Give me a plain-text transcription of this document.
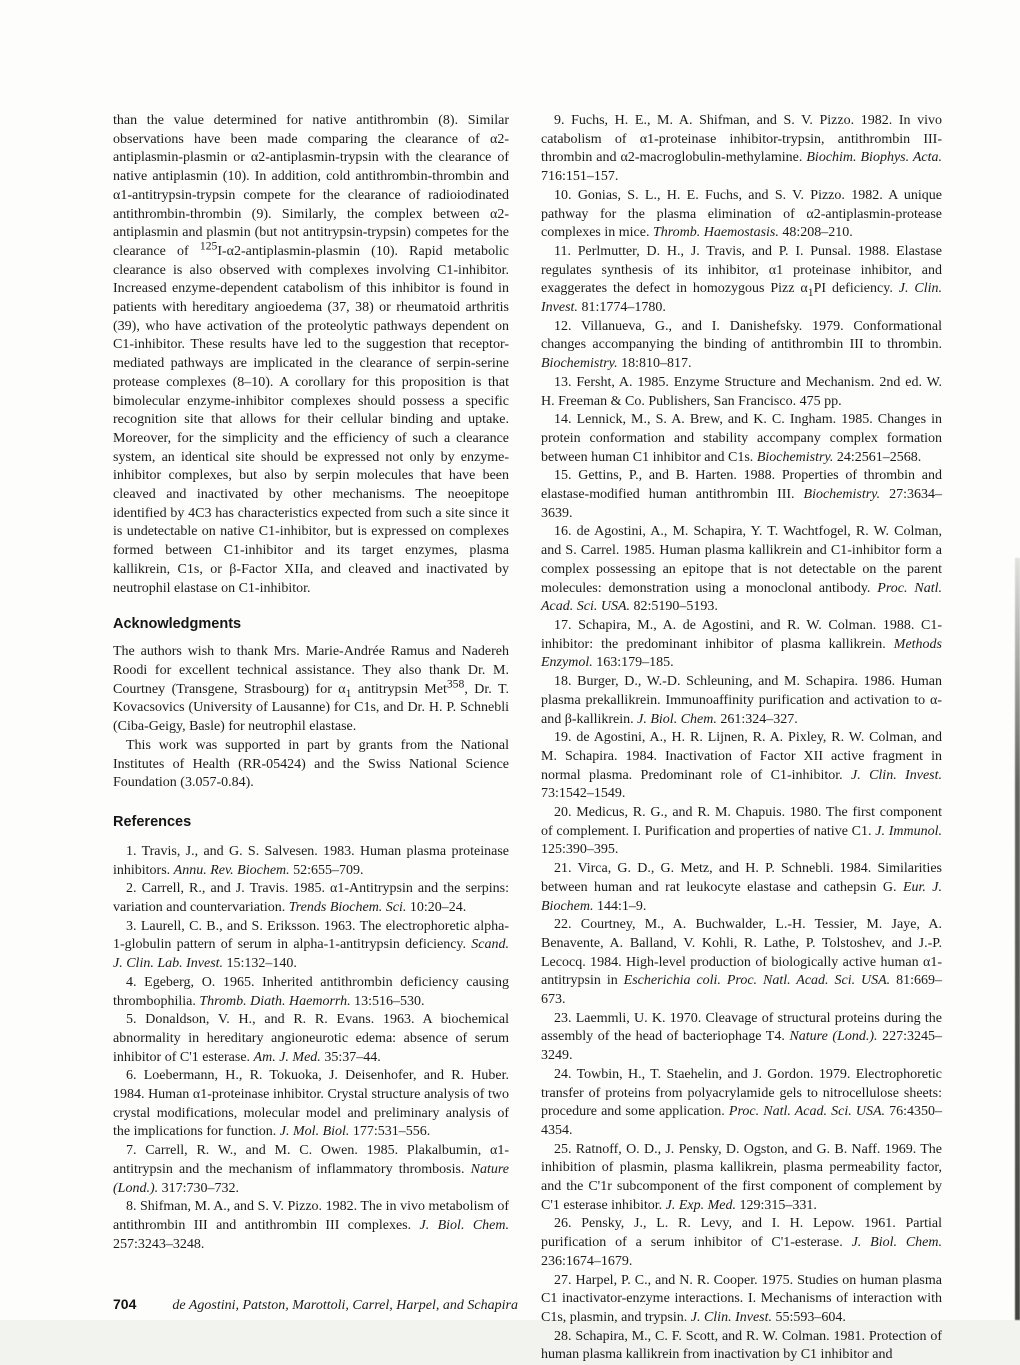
than the value determined for native antithrombin (8). Similar observations have been made comparing the clearance of α2-antiplasmin-plasmin or α2-antiplasmin-trypsin with the clearance of native antiplasmin (10). In addition, cold antithrombin-thrombin and α1-antitrypsin-trypsin compete for the clearance of radioiodinated antithrombin-thrombin (9). Similarly, the complex between α2-antiplasmin and plasmin (but not antitrypsin-trypsin) competes for the clearance of $^{125}$I-α2-antiplasmin-plasmin (10). Rapid metabolic clearance is also observed with complexes involving C1-inhibitor. Increased enzyme-dependent catabolism of this inhibitor is found in patients with hereditary angioedema (37, 38) or rheumatoid arthritis (39), who have activation of the proteolytic pathways dependent on C1-inhibitor. These results have led to the suggestion that receptor-mediated pathways are implicated in the clearance of serpin-serine protease complexes (8–10). A corollary for this proposition is that bimolecular enzyme-inhibitor complexes should possess a specific recognition site that allows for their cellular binding and uptake. Moreover, for the simplicity and the efficiency of such a clearance system, an identical site should be expressed not only by enzyme-inhibitor complexes, but also by serpin molecules that have been cleaved and inactivated by other mechanisms. The neoepitope identified by 4C3 has characteristics expected from such a site since it is undetectable on native C1-inhibitor, but is expressed on complexes formed between C1-inhibitor and its target enzymes, plasma kallikrein, C1s, or β-Factor XIIa, and cleaved and inactivated by neutrophil elastase on C1-inhibitor.

Acknowledgments

The authors wish to thank Mrs. Marie-Andrée Ramus and Nadereh Roodi for excellent technical assistance. They also thank Dr. M. Courtney (Transgene, Strasbourg) for $\alpha_1$ antitrypsin Met$^{358}$, Dr. T. Kovacsovics (University of Lausanne) for C1s, and Dr. H. P. Schnebli (Ciba-Geigy, Basle) for neutrophil elastase.

This work was supported in part by grants from the National Institutes of Health (RR-05424) and the Swiss National Science Foundation (3.057-0.84).

References

1. Travis, J., and G. S. Salvesen. 1983. Human plasma proteinase inhibitors. Annu. Rev. Biochem. 52:655–709.

2. Carrell, R., and J. Travis. 1985. α1-Antitrypsin and the serpins: variation and countervariation. Trends Biochem. Sci. 10:20–24.

3. Laurell, C. B., and S. Eriksson. 1963. The electrophoretic alpha-1-globulin pattern of serum in alpha-1-antitrypsin deficiency. Scand. J. Clin. Lab. Invest. 15:132–140.

4. Egeberg, O. 1965. Inherited antithrombin deficiency causing thrombophilia. Thromb. Diath. Haemorrh. 13:516–530.

5. Donaldson, V. H., and R. R. Evans. 1963. A biochemical abnormality in hereditary angioneurotic edema: absence of serum inhibitor of C'1 esterase. Am. J. Med. 35:37–44.

6. Loebermann, H., R. Tokuoka, J. Deisenhofer, and R. Huber. 1984. Human α1-proteinase inhibitor. Crystal structure analysis of two crystal modifications, molecular model and preliminary analysis of the implications for function. J. Mol. Biol. 177:531–556.

7. Carrell, R. W., and M. C. Owen. 1985. Plakalbumin, α1-antitrypsin and the mechanism of inflammatory thrombosis. Nature (Lond.). 317:730–732.

8. Shifman, M. A., and S. V. Pizzo. 1982. The in vivo metabolism of antithrombin III and antithrombin III complexes. J. Biol. Chem. 257:3243–3248.

9. Fuchs, H. E., M. A. Shifman, and S. V. Pizzo. 1982. In vivo catabolism of α1-proteinase inhibitor-trypsin, antithrombin III-thrombin and α2-macroglobulin-methylamine. Biochim. Biophys. Acta. 716:151–157.

10. Gonias, S. L., H. E. Fuchs, and S. V. Pizzo. 1982. A unique pathway for the plasma elimination of α2-antiplasmin-protease complexes in mice. Thromb. Haemostasis. 48:208–210.

11. Perlmutter, D. H., J. Travis, and P. I. Punsal. 1988. Elastase regulates synthesis of its inhibitor, α1 proteinase inhibitor, and exaggerates the defect in homozygous Pizz $\alpha_1PI$ deficiency. J. Clin. Invest. 81:1774–1780.

12. Villanueva, G., and I. Danishefsky. 1979. Conformational changes accompanying the binding of antithrombin III to thrombin. Biochemistry. 18:810–817.

13. Fersht, A. 1985. Enzyme Structure and Mechanism. 2nd ed. W. H. Freeman & Co. Publishers, San Francisco. 475 pp.

14. Lennick, M., S. A. Brew, and K. C. Ingham. 1985. Changes in protein conformation and stability accompany complex formation between human C1 inhibitor and C1s. Biochemistry. 24:2561–2568.

15. Gettins, P., and B. Harten. 1988. Properties of thrombin and elastase-modified human antithrombin III. Biochemistry. 27:3634–3639.

16. de Agostini, A., M. Schapira, Y. T. Wachtfogel, R. W. Colman, and S. Carrel. 1985. Human plasma kallikrein and C1-inhibitor form a complex possessing an epitope that is not detectable on the parent molecules: demonstration using a monoclonal antibody. Proc. Natl. Acad. Sci. USA. 82:5190–5193.

17. Schapira, M., A. de Agostini, and R. W. Colman. 1988. C1-inhibitor: the predominant inhibitor of plasma kallikrein. Methods Enzymol. 163:179–185.

18. Burger, D., W.-D. Schleuning, and M. Schapira. 1986. Human plasma prekallikrein. Immunoaffinity purification and activation to α- and β-kallikrein. J. Biol. Chem. 261:324–327.

19. de Agostini, A., H. R. Lijnen, R. A. Pixley, R. W. Colman, and M. Schapira. 1984. Inactivation of Factor XII active fragment in normal plasma. Predominant role of C1-inhibitor. J. Clin. Invest. 73:1542–1549.

20. Medicus, R. G., and R. M. Chapuis. 1980. The first component of complement. I. Purification and properties of native C1. J. Immunol. 125:390–395.

21. Virca, G. D., G. Metz, and H. P. Schnebli. 1984. Similarities between human and rat leukocyte elastase and cathepsin G. Eur. J. Biochem. 144:1–9.

22. Courtney, M., A. Buchwalder, L.-H. Tessier, M. Jaye, A. Benavente, A. Balland, V. Kohli, R. Lathe, P. Tolstoshev, and J.-P. Lecocq. 1984. High-level production of biologically active human α1-antitrypsin in Escherichia coli. Proc. Natl. Acad. Sci. USA. 81:669–673.

23. Laemmli, U. K. 1970. Cleavage of structural proteins during the assembly of the head of bacteriophage T4. Nature (Lond.). 227:3245–3249.

24. Towbin, H., T. Staehelin, and J. Gordon. 1979. Electrophoretic transfer of proteins from polyacrylamide gels to nitrocellulose sheets: procedure and some application. Proc. Natl. Acad. Sci. USA. 76:4350–4354.

25. Ratnoff, O. D., J. Pensky, D. Ogston, and G. B. Naff. 1969. The inhibition of plasmin, plasma kallikrein, plasma permeability factor, and the C'1r subcomponent of the first component of complement by C'1 esterase inhibitor. J. Exp. Med. 129:315–331.

26. Pensky, J., L. R. Levy, and I. H. Lepow. 1961. Partial purification of a serum inhibitor of C'1-esterase. J. Biol. Chem. 236:1674–1679.

27. Harpel, P. C., and N. R. Cooper. 1975. Studies on human plasma C1 inactivator-enzyme interactions. I. Mechanisms of interaction with C1s, plasmin, and trypsin. J. Clin. Invest. 55:593–604.

28. Schapira, M., C. F. Scott, and R. W. Colman. 1981. Protection of human plasma kallikrein from inactivation by C1 inhibitor and

704	de Agostini, Patston, Marottoli, Carrel, Harpel, and Schapira
